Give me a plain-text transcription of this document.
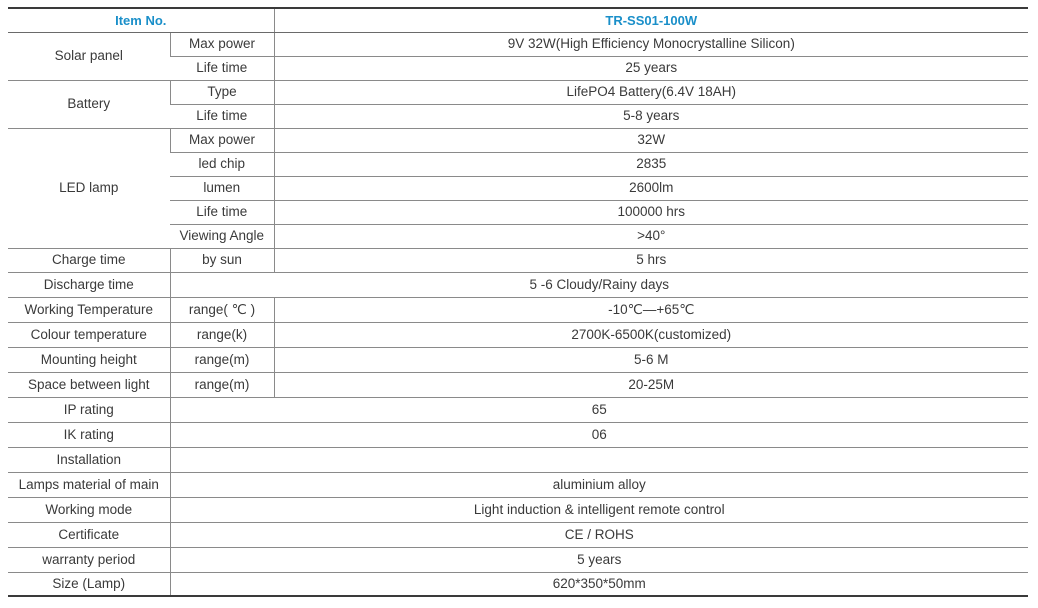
Item No.		TR-SS01-100W
Solar panel	Max power	9V 32W(High Efficiency Monocrystalline Silicon)
	Life time	25 years
Battery	Type	LifePO4 Battery(6.4V 18AH)
	Life time	5-8 years
LED lamp	Max power	32W
	led chip	2835
	lumen	2600lm
	Life time	100000 hrs
	Viewing Angle	>40°
Charge time	by sun	5 hrs
Discharge time	5 -6 Cloudy/Rainy days	
Working Temperature	range( ℃ )	-10℃—+65℃
Colour temperature	range(k)	2700K-6500K(customized)
Mounting height	range(m)	5-6 M
Space between light	range(m)	20-25M
IP rating	65	
IK rating	06	
Installation		
Lamps material of main	aluminium alloy	
Working mode	Light induction & intelligent remote control	
Certificate	CE / ROHS	
warranty period	5 years	
Size (Lamp)	620*350*50mm	
